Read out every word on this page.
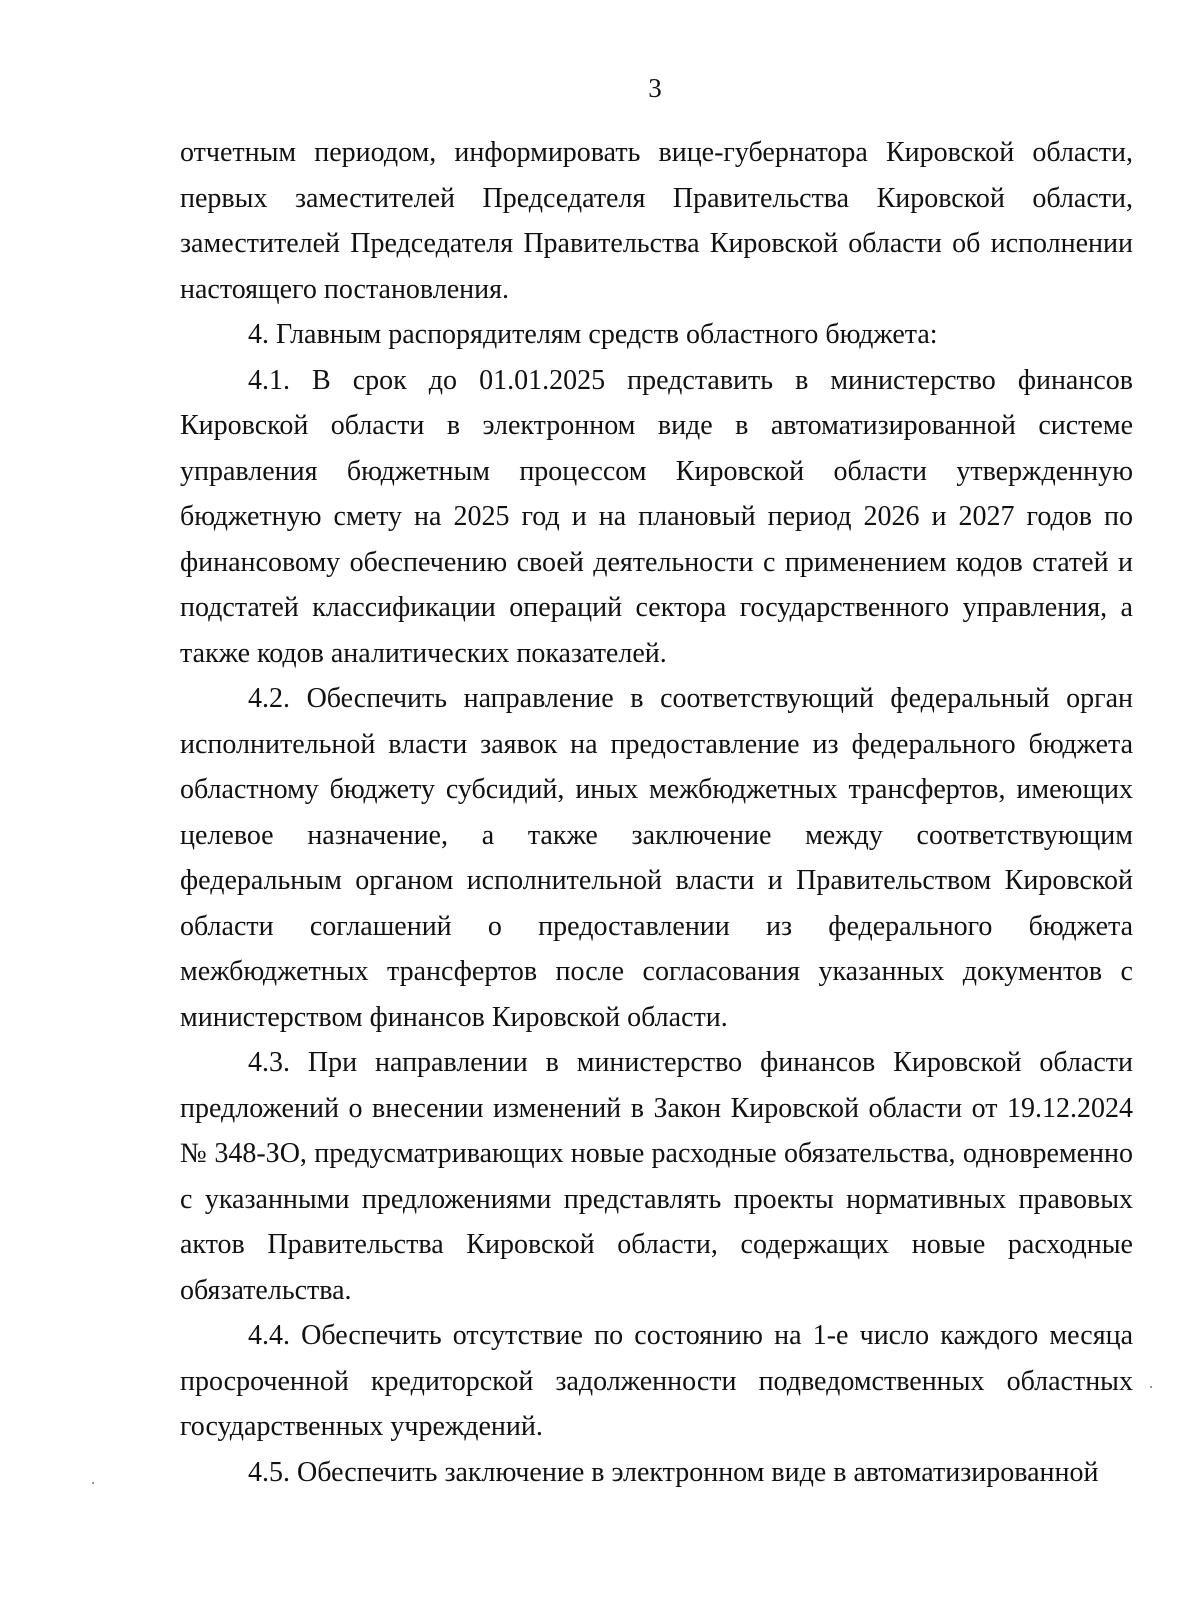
3

отчетным периодом, информировать вице-губернатора Кировской области, первых заместителей Председателя Правительства Кировской области, заместителей Председателя Правительства Кировской области об исполнении настоящего постановления.

4. Главным распорядителям средств областного бюджета:

4.1. В срок до 01.01.2025 представить в министерство финансов Кировской области в электронном виде в автоматизированной системе управления бюджетным процессом Кировской области утвержденную бюджетную смету на 2025 год и на плановый период 2026 и 2027 годов по финансовому обеспечению своей деятельности с применением кодов статей и подстатей классификации операций сектора государственного управления, а также кодов аналитических показателей.

4.2. Обеспечить направление в соответствующий федеральный орган исполнительной власти заявок на предоставление из федерального бюджета областному бюджету субсидий, иных межбюджетных трансфертов, имеющих целевое назначение, а также заключение между соответствующим федеральным органом исполнительной власти и Правительством Кировской области соглашений о предоставлении из федерального бюджета межбюджетных трансфертов после согласования указанных документов с министерством финансов Кировской области.

4.3. При направлении в министерство финансов Кировской области предложений о внесении изменений в Закон Кировской области от 19.12.2024 № 348-ЗО, предусматривающих новые расходные обязательства, одновременно с указанными предложениями представлять проекты нормативных правовых актов Правительства Кировской области, содержащих новые расходные обязательства.

4.4. Обеспечить отсутствие по состоянию на 1-е число каждого месяца просроченной кредиторской задолженности подведомственных областных государственных учреждений.

4.5. Обеспечить заключение в электронном виде в автоматизированной
